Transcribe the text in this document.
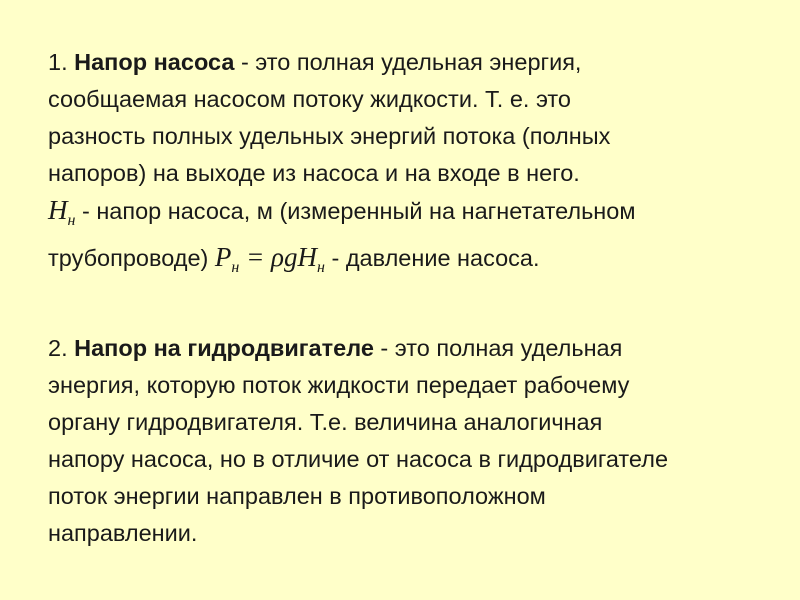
1. Напор насоса - это полная удельная энергия,
сообщаемая насосом потоку жидкости. Т. е. это
разность полных удельных энергий потока (полных
напоров) на выходе из насоса и на входе в него.
$H_н$ - напор насоса, м (измеренный на нагнетательном
трубопроводе) $P_н = \rho gH_н$ - давление насоса.
2. Напор на гидродвигателе - это полная удельная
энергия, которую поток жидкости передает рабочему
органу гидродвигателя. Т.е. величина аналогичная
напору насоса, но в отличие от насоса в гидродвигателе
поток энергии направлен в противоположном
направлении.
